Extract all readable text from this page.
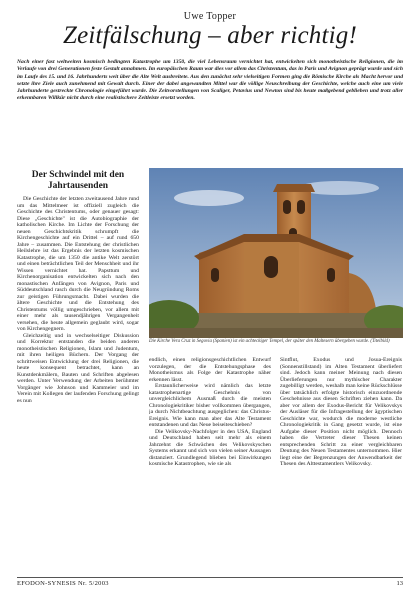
Uwe Topper
Zeitfälschung – aber richtig!
Nach einer fast weltweiten kosmisch bedingten Katastrophe um 1350, die viel Lebensraum vernichtet hat, entwickelten sich monotheistische Religionen, die im Verlaufe von drei Generationen feste Gestalt annahmen. Im europäischen Raum war dies vor allem das Christentum, das in Paris und Avignon geprägt wurde und sich im Laufe des 15. und 16. Jahrhunderts weit über die Alte Welt ausbreitete. Aus den zunächst sehr vielseitigen Formen ging die Römische Kirche als Macht hervor und setzte ihre Ziele auch zunehmend mit Gewalt durch. Einer der dabei angewandten Mittel war die völlige Neuschreibung der Geschichte, welche auch eine um viele Jahrhunderte gestreckte Chronologie eingeführt wurde. Die Zeitvorstellungen von Scaliger, Petavius und Newton sind bis heute maßgebend geblieben und trotz aller erkennbaren Willkür nicht durch eine realistischere Zeitleiste ersetzt worden.
Der Schwindel mit den Jahrtausenden

Die Geschichte der letzten zweitausend Jahre rund um das Mittelmeer ist offiziell zugleich die Geschichte des Christentums, oder genauer gesagt: Diese „Geschichte" ist die Autobiographie der katholischen Kirche. Im Lichte der Forschung der neuen Geschichtskritik schrumpft die Kirchengeschichte auf ein Drittel – auf rund 650 Jahre – zusammen. Die Entstehung der christlichen Heilslehre ist das Ergebnis der letzten kosmischen Katastrophe, die um 1350 die antike Welt zerstört und einen beträchtlichen Teil der Menschheit und ihr Wissen vernichtet hat. Papsttum und Kirchenorganisation entwickelten sich nach den monastischen Anfängen von Avignon, Paris und Süddeutschland rasch durch die Neugründung Roms zur geistigen Führungsmacht. Dabei wurden die ältere Geschichte und die Entstehung des Christentums völlig umgeschrieben, vor allem mit einer mehr als tausendjährigen Vergangenheit versehen, die heute allgemein geglaubt wird, sogar von Kirchengegnern.

Gleichzeitig und in wechselseitiger Diskussion und Korrektur entstanden die beiden anderen monotheistischen Religionen, Islam und Judentum, mit ihren heiligen Büchern. Der Vorgang der schrittweisen Entwicklung der drei Religionen, die heute konsequent betrachtet, kann an Kunstdenkmälern, Bauten und Schriften abgelesen werden. Unter Verwendung der Arbeiten berühmter Vorgänger wie Johnson und Kammeier und im Verein mit Kollegen der laufenden Forschung gelingt es nun

Die Kirche Vera Cruz in Segovia (Spanien) ist ein achteckiger Tempel, der später den Maltesern übergeben wurde. (Titelbild)

endlich, einen religionsgeschichtlichen Entwurf vorzulegen, der die Entstehungsphase des Monotheismus als Folge der Katastrophe näher erkennen lässt.

Erstaunlicherweise wird nämlich das letzte katastrophenartige Geschehnis von unvergleichlichem Ausmaß durch die meisten Chronologiekritiker bisher vollkommen übergangen, ja durch Nichtbeachtung ausgeglichen: das Christus-Ereignis. Wie kann man aber das Alte Testament entstandenen und das Neue beiseiteschieben?

Die Velikovsky-Nachfolger in den USA, England und Deutschland haben seit mehr als einem Jahrzehnt die Schwächen des Velikovskyschen Systems erkannt und sich von vielen seiner Aussagen distanziert. Grundlegend blieben bei Einwirkungen kosmische Katastrophen, wie sie als

Sintflut, Exodus und Josua-Ereignis (Sonnenstillstand) im Alten Testament überliefert sind. Jedoch kann meiner Meinung nach diesen Überlieferungen nur mythischer Charakter zugebilligt werden, weshalb man keine Rückschlüsse über tatsächlich erfolgte historisch einzuordnende Geschehnisse aus diesen Schriften ziehen kann. Da aber vor allem der Exodus-Bericht für Velikovskys der Ausläser für die Infragestellung der ägyptischen Geschichte war, wodurch die moderne westliche Chronologiekritik in Gang gesetzt wurde, ist eine Aufgabe dieser Position nicht möglich. Dennoch haben die Vertreter dieser Thesen keinen entsprechenden Schritt zu einer vergleichbaren Deutung des Neuen Testamentes unternommen. Hier liegt eine der Begrenzungen der Anwendbarkeit der Thesen des Alttestamentlers Velikovsky.

EFODON-SYNESIS Nr. 5/2003	13
